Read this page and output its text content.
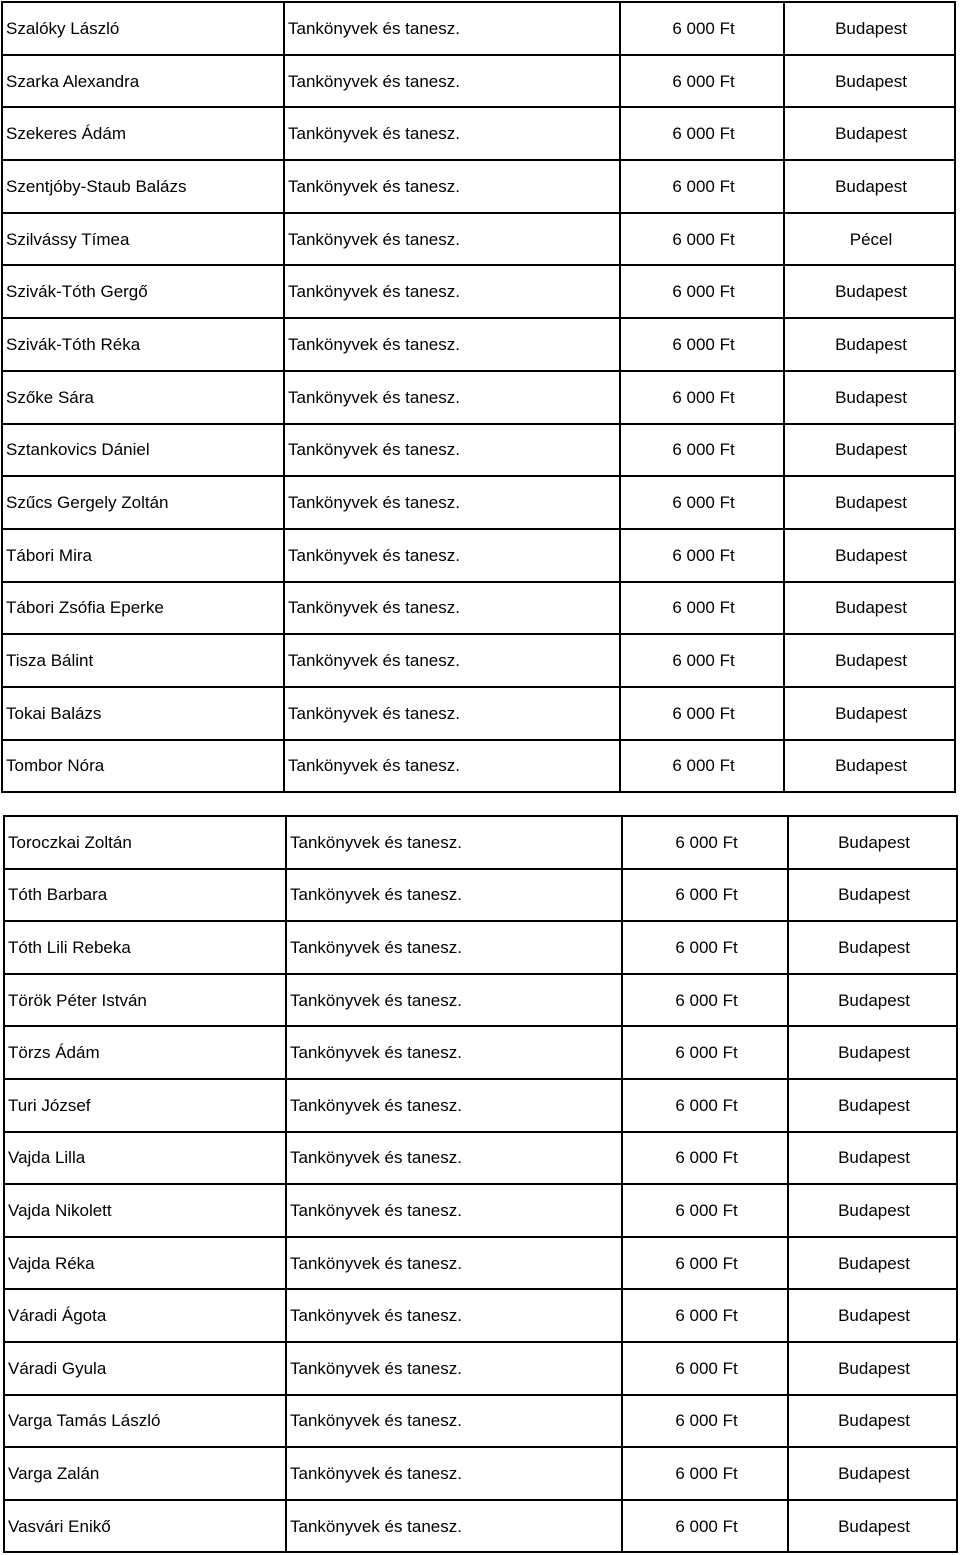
Szalóky László	Tankönyvek és tanesz.	6 000 Ft	Budapest
Szarka Alexandra	Tankönyvek és tanesz.	6 000 Ft	Budapest
Szekeres Ádám	Tankönyvek és tanesz.	6 000 Ft	Budapest
Szentjóby-Staub Balázs	Tankönyvek és tanesz.	6 000 Ft	Budapest
Szilvássy Tímea	Tankönyvek és tanesz.	6 000 Ft	Pécel
Szivák-Tóth Gergő	Tankönyvek és tanesz.	6 000 Ft	Budapest
Szivák-Tóth Réka	Tankönyvek és tanesz.	6 000 Ft	Budapest
Szőke Sára	Tankönyvek és tanesz.	6 000 Ft	Budapest
Sztankovics Dániel	Tankönyvek és tanesz.	6 000 Ft	Budapest
Szűcs Gergely Zoltán	Tankönyvek és tanesz.	6 000 Ft	Budapest
Tábori Mira	Tankönyvek és tanesz.	6 000 Ft	Budapest
Tábori Zsófia Eperke	Tankönyvek és tanesz.	6 000 Ft	Budapest
Tisza Bálint	Tankönyvek és tanesz.	6 000 Ft	Budapest
Tokai Balázs	Tankönyvek és tanesz.	6 000 Ft	Budapest
Tombor Nóra	Tankönyvek és tanesz.	6 000 Ft	Budapest
Toroczkai Zoltán	Tankönyvek és tanesz.	6 000 Ft	Budapest
Tóth Barbara	Tankönyvek és tanesz.	6 000 Ft	Budapest
Tóth Lili Rebeka	Tankönyvek és tanesz.	6 000 Ft	Budapest
Török Péter István	Tankönyvek és tanesz.	6 000 Ft	Budapest
Törzs Ádám	Tankönyvek és tanesz.	6 000 Ft	Budapest
Turi József	Tankönyvek és tanesz.	6 000 Ft	Budapest
Vajda Lilla	Tankönyvek és tanesz.	6 000 Ft	Budapest
Vajda Nikolett	Tankönyvek és tanesz.	6 000 Ft	Budapest
Vajda Réka	Tankönyvek és tanesz.	6 000 Ft	Budapest
Váradi Ágota	Tankönyvek és tanesz.	6 000 Ft	Budapest
Váradi Gyula	Tankönyvek és tanesz.	6 000 Ft	Budapest
Varga Tamás László	Tankönyvek és tanesz.	6 000 Ft	Budapest
Varga Zalán	Tankönyvek és tanesz.	6 000 Ft	Budapest
Vasvári Enikő	Tankönyvek és tanesz.	6 000 Ft	Budapest
